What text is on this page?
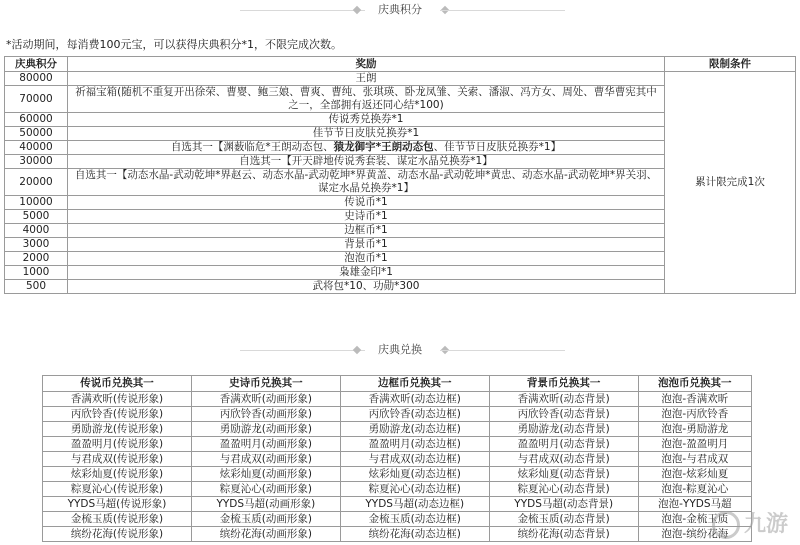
庆典积分
*活动期间，每消费100元宝，可以获得庆典积分*1，不限完成次数。
庆典积分	奖励	限制条件
80000	王朗	累计限完成1次
70000	祈福宝箱(随机不重复开出徐荣、曹婴、鲍三娘、曹爽、曹纯、张琪瑛、卧龙凤雏、关索、潘淑、冯方女、周处、曹华曹宪其中之一，全部拥有返还同心结*100)	
60000	传说秀兑换券*1	
50000	佳节节日皮肤兑换券*1	
40000	自选其一【渊薮临危*王朗动态包、猿龙御宇*王朗动态包、佳节节日皮肤兑换券*1】	
30000	自选其一【开天辟地传说秀套装、谋定水晶兑换券*1】	
20000	自选其一【动态水晶-武动乾坤*界赵云、动态水晶-武动乾坤*界黄盖、动态水晶-武动乾坤*黄忠、动态水晶-武动乾坤*界关羽、谋定水晶兑换券*1】	
10000	传说币*1	
5000	史诗币*1	
4000	边框币*1	
3000	背景币*1	
2000	泡泡币*1	
1000	枭雄金印*1	
500	武将包*10、功勋*300	
庆典兑换
传说币兑换其一	史诗币兑换其一	边框币兑换其一	背景币兑换其一	泡泡币兑换其一
香满欢昕(传说形象)	香满欢昕(动画形象)	香满欢昕(动态边框)	香满欢昕(动态背景)	泡泡-香满欢昕
丙欣铃香(传说形象)	丙欣铃香(动画形象)	丙欣铃香(动态边框)	丙欣铃香(动态背景)	泡泡-丙欣铃香
勇励游龙(传说形象)	勇励游龙(动画形象)	勇励游龙(动态边框)	勇励游龙(动态背景)	泡泡-勇励游龙
盈盈明月(传说形象)	盈盈明月(动画形象)	盈盈明月(动态边框)	盈盈明月(动态背景)	泡泡-盈盈明月
与君成双(传说形象)	与君成双(动画形象)	与君成双(动态边框)	与君成双(动态背景)	泡泡-与君成双
炫彩灿夏(传说形象)	炫彩灿夏(动画形象)	炫彩灿夏(动态边框)	炫彩灿夏(动态背景)	泡泡-炫彩灿夏
粽夏沁心(传说形象)	粽夏沁心(动画形象)	粽夏沁心(动态边框)	粽夏沁心(动态背景)	泡泡-粽夏沁心
YYDS马超(传说形象)	YYDS马超(动画形象)	YYDS马超(动态边框)	YYDS马超(动态背景)	泡泡-YYDS马超
金梳玉质(传说形象)	金梳玉质(动画形象)	金梳玉质(动态边框)	金梳玉质(动态背景)	泡泡-金梳玉质
缤纷花海(传说形象)	缤纷花海(动画形象)	缤纷花海(动态边框)	缤纷花海(动态背景)	泡泡-缤纷花海 九游
